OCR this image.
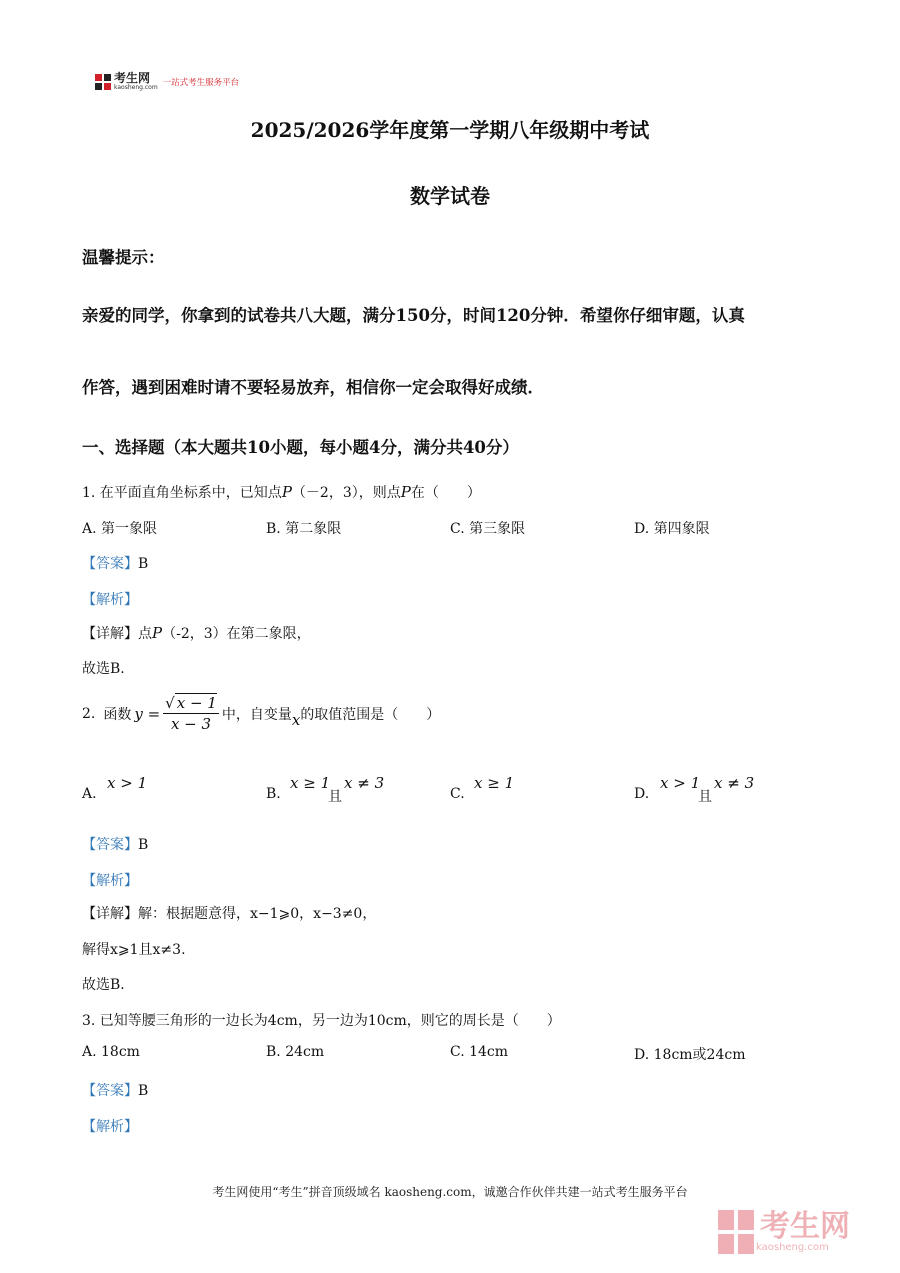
考生网
kaosheng.com 一站式考生服务平台
2025/2026学年度第一学期八年级期中考试
数学试卷
温馨提示：
亲爱的同学，你拿到的试卷共八大题，满分150分，时间120分钟．希望你仔细审题，认真
作答，遇到困难时请不要轻易放弃，相信你一定会取得好成绩．
一、选择题（本大题共10小题，每小题4分，满分共40分）
1. 在平面直角坐标系中，已知点P（－2，3），则点P在（　　）
A. 第一象限	B. 第二象限	C. 第三象限	D. 第四象限
【答案】B
【解析】
【详解】点P（-2，3）在第二象限，
故选B.
2. 函数 $y = \frac{√ x - 1}{x - 3}$ 中，自变量 x 的取值范围是（　　）
A.
x > 1
B.
x ≥ 1
且
x ≠ 3
C.
x ≥ 1
D.
x > 1
且
x ≠ 3
【答案】B
【解析】
【详解】解：根据题意得，x−1⩾0，x−3≠0，
解得x⩾1且x≠3.
故选B.
3. 已知等腰三角形的一边长为4cm，另一边为10cm，则它的周长是（　　）
A. 18cm	B. 24cm	C. 14cm	D. 18cm或24cm
【答案】B
【解析】
考生网使用“考生”拼音顶级域名 kaosheng.com，诚邀合作伙伴共建一站式考生服务平台
考生网
kaosheng.com
